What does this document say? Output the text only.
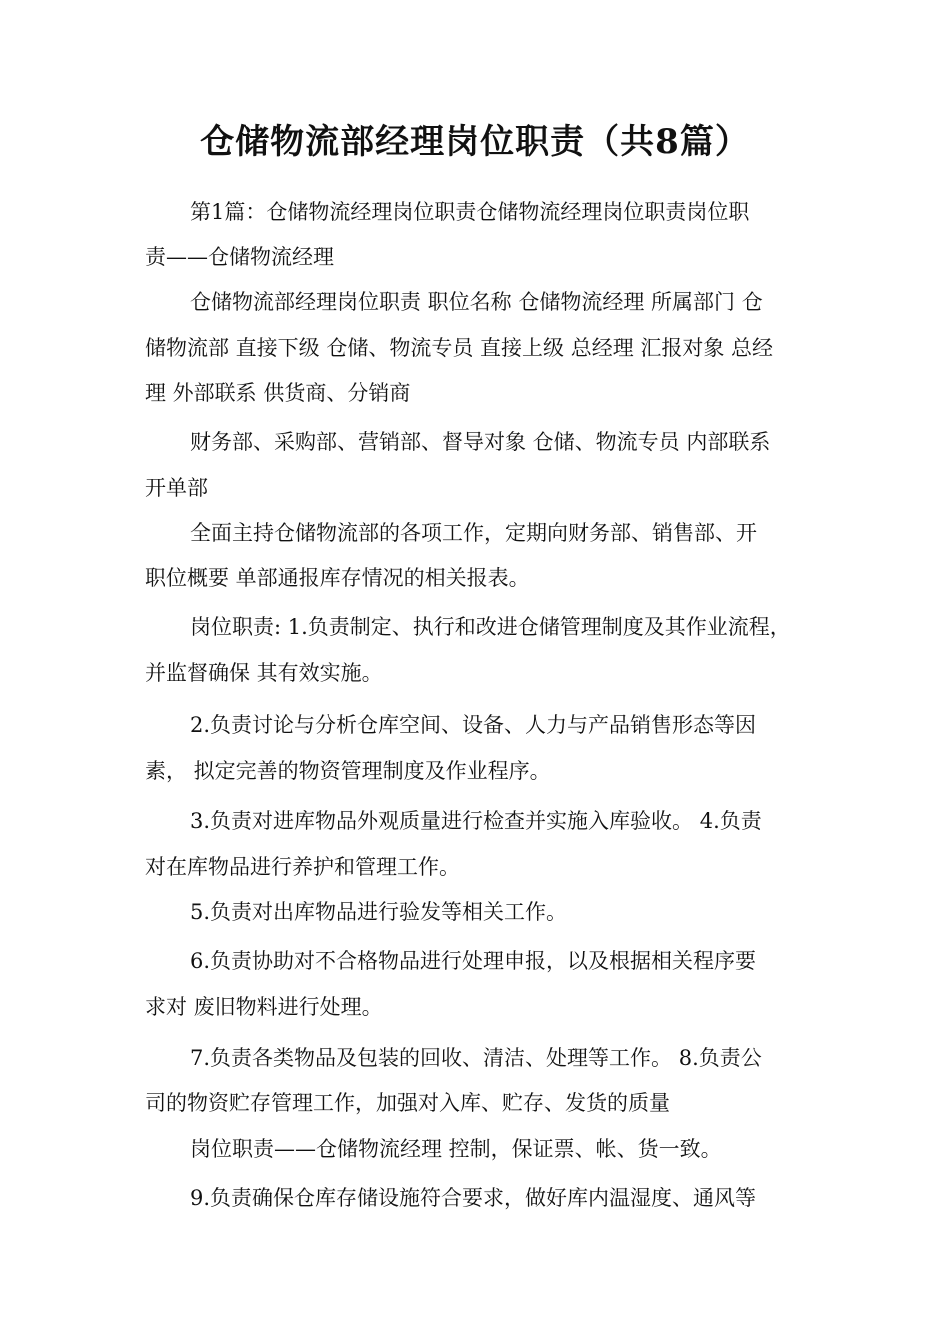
仓储物流部经理岗位职责（共8篇）
第1篇：仓储物流经理岗位职责仓储物流经理岗位职责岗位职
责——仓储物流经理
仓储物流部经理岗位职责 职位名称 仓储物流经理 所属部门 仓
储物流部 直接下级 仓储、物流专员 直接上级 总经理 汇报对象 总经
理 外部联系 供货商、分销商
财务部、采购部、营销部、督导对象 仓储、物流专员 内部联系
开单部
全面主持仓储物流部的各项工作，定期向财务部、销售部、开
职位概要 单部通报库存情况的相关报表。
岗位职责: 1.负责制定、执行和改进仓储管理制度及其作业流程，
并监督确保 其有效实施。
2.负责讨论与分析仓库空间、设备、人力与产品销售形态等因
素， 拟定完善的物资管理制度及作业程序。
3.负责对进库物品外观质量进行检查并实施入库验收。 4.负责
对在库物品进行养护和管理工作。
5.负责对出库物品进行验发等相关工作。
6.负责协助对不合格物品进行处理申报，以及根据相关程序要
求对 废旧物料进行处理。
7.负责各类物品及包装的回收、清洁、处理等工作。 8.负责公
司的物资贮存管理工作，加强对入库、贮存、发货的质量
岗位职责——仓储物流经理 控制，保证票、帐、货一致。
9.负责确保仓库存储设施符合要求，做好库内温湿度、通风等
